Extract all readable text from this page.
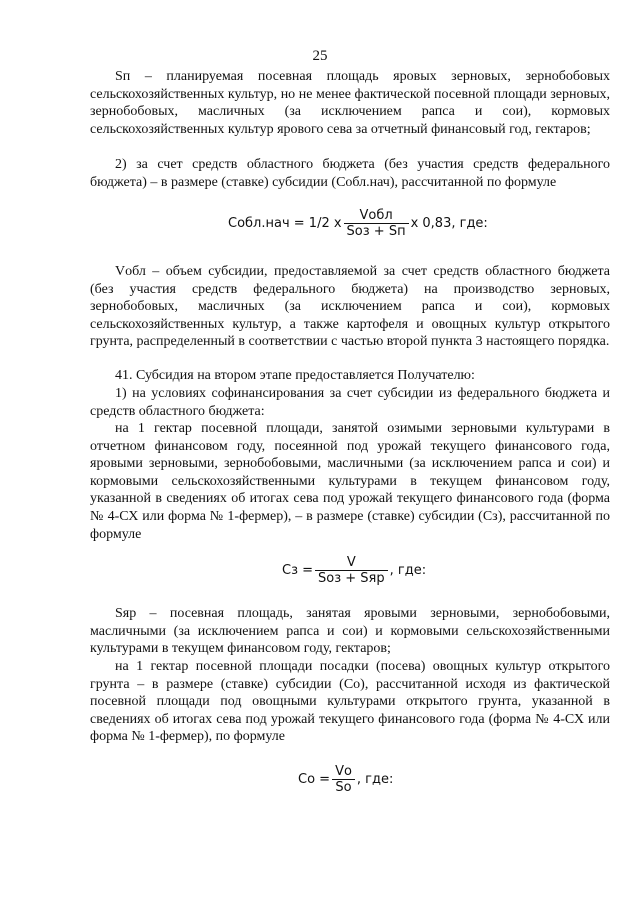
25

Sп – планируемая посевная площадь яровых зерновых, зернобобовых сельскохозяйственных культур, но не менее фактической посевной площади зерновых, зернобобовых, масличных (за исключением рапса и сои), кормовых сельскохозяйственных культур ярового сева за отчетный финансовый год, гектаров;

2) за счет средств областного бюджета (без участия средств федерального бюджета) – в размере (ставке) субсидии (Cобл.нач), рассчитанной по формуле

Cобл.нач = 1/2 x $\frac{\text{Vобл}}{\text{Sоз + Sп}}$ x 0,83, где:

Vобл – объем субсидии, предоставляемой за счет средств областного бюджета (без участия средств федерального бюджета) на производство зерновых, зернобобовых, масличных (за исключением рапса и сои), кормовых сельскохозяйственных культур, а также картофеля и овощных культур открытого грунта, распределенный в соответствии с частью второй пункта 3 настоящего порядка.

41. Субсидия на втором этапе предоставляется Получателю:

1) на условиях софинансирования за счет субсидии из федерального бюджета и средств областного бюджета:

на 1 гектар посевной площади, занятой озимыми зерновыми культурами в отчетном финансовом году, посеянной под урожай текущего финансового года, яровыми зерновыми, зернобобовыми, масличными (за исключением рапса и сои) и кормовыми сельскохозяйственными культурами в текущем финансовом году, указанной в сведениях об итогах сева под урожай текущего финансового года (форма № 4-СХ или форма № 1-фермер), – в размере (ставке) субсидии (Сз), рассчитанной по формуле

Сз = $\frac{V}{\text{Sоз + Sяр}}$ , где:

Sяр – посевная площадь, занятая яровыми зерновыми, зернобобовыми, масличными (за исключением рапса и сои) и кормовыми сельскохозяйственными культурами в текущем финансовом году, гектаров;

на 1 гектар посевной площади посадки (посева) овощных культур открытого грунта – в размере (ставке) субсидии (Со), рассчитанной исходя из фактической посевной площади под овощными культурами открытого грунта, указанной в сведениях об итогах сева под урожай текущего финансового года (форма № 4-СХ или форма № 1-фермер), по формуле

Со = $\frac{Vо}{Sо}$ , где:
